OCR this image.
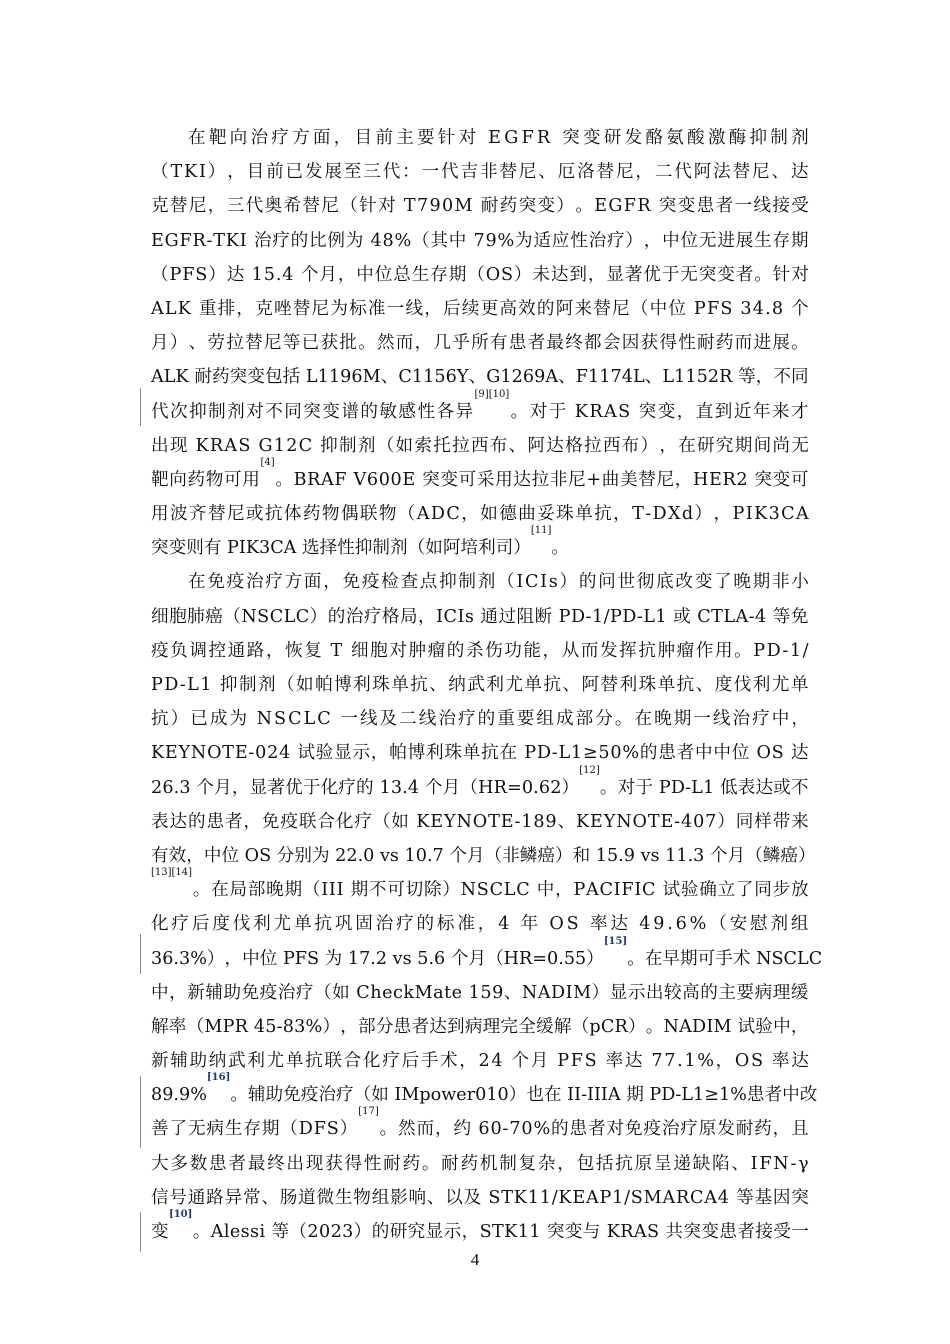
在 靶 向 治 疗 方 面 ， 目 前 主 要 针 对
E G F R
突 变 研 发 酪 氨 酸 激 酶 抑 制 剂
（ T K I ） ， 目 前 已 发 展 至 三 代 ： 一 代 吉 非 替 尼 、 厄 洛 替 尼 ， 二 代 阿 法 替 尼 、 达
克 替 尼 ， 三 代 奥 希 替 尼 （ 针 对
T 7 9 0 M
耐 药 突 变 ） 。 E G F R
突 变 患 者 一 线 接 受
E G F R - T K I
治 疗 的 比 例 为
4 8 % （ 其 中
7 9 % 为 适 应 性 治 疗 ） ， 中 位 无 进 展 生 存 期
（ P F S ） 达
1 5 . 4
个 月 ， 中 位 总 生 存 期 （ O S ） 未 达 到 ， 显 著 优 于 无 突 变 者 。 针 对
A L K
重 排 ， 克 唑 替 尼 为 标 准 一 线 ， 后 续 更 高 效 的 阿 来 替 尼 （ 中 位
P F S
3 4 . 8
个
月 ） 、 劳 拉 替 尼 等 已 获 批 。 然 而 ， 几 乎 所 有 患 者 最 终 都 会 因 获 得 性 耐 药 而 进 展 。
A L K
耐 药 突 变 包 括
L 1 1 9 6 M 、 C 1 1 5 6 Y 、 G 1 2 6 9 A 、 F 1 1 7 4 L 、 L 1 1 5 2 R
等 ， 不 同
代 次 抑 制 剂 对 不 同 突 变 谱 的 敏 感 性 各 异
[9][10]
。 对 于
K R A S
突 变 ， 直 到 近 年 来 才
出 现
K R A S
G 1 2 C
抑 制 剂 （ 如 索 托 拉 西 布 、 阿 达 格 拉 西 布 ） ， 在 研 究 期 间 尚 无
靶 向 药 物 可 用
[4]
。 B R A F
V 6 0 0 E
突 变 可 采 用 达 拉 非 尼 + 曲 美 替 尼 ， H E R 2
突 变 可
用 波 齐 替 尼 或 抗 体 药 物 偶 联 物 （ A D C ， 如 德 曲 妥 珠 单 抗 ， T - D X d ） ， P I K 3 C A
突 变 则 有
P I K 3 C A
选 择 性 抑 制 剂 （ 如 阿 培 利 司 ）
[11]
。
在 免 疫 治 疗 方 面 ， 免 疫 检 查 点 抑 制 剂 （ I C I s ） 的 问 世 彻 底 改 变 了 晚 期 非 小
细 胞 肺 癌 （ N S C L C ） 的 治 疗 格 局 ， I C I s
通 过 阻 断
P D - 1 / P D - L 1
或
C T L A - 4
等 免
疫 负 调 控 通 路 ， 恢 复
T
细 胞 对 肿 瘤 的 杀 伤 功 能 ， 从 而 发 挥 抗 肿 瘤 作 用 。 P D - 1 /
P D - L 1
抑 制 剂 （ 如 帕 博 利 珠 单 抗 、 纳 武 利 尤 单 抗 、 阿 替 利 珠 单 抗 、 度 伐 利 尤 单
抗 ） 已 成 为
N S C L C
一 线 及 二 线 治 疗 的 重 要 组 成 部 分 。 在 晚 期 一 线 治 疗 中 ，
K E Y N O T E - 0 2 4
试 验 显 示 ， 帕 博 利 珠 单 抗 在
P D - L 1 ≥ 5 0 % 的 患 者 中 中 位
O S
达
2 6 . 3
个 月 ， 显 著 优 于 化 疗 的
1 3 . 4
个 月 （ H R = 0 . 6 2 ）
[12]
。 对 于
P D - L 1
低 表 达 或 不
表 达 的 患 者 ， 免 疫 联 合 化 疗 （ 如
K E Y N O T E - 1 8 9 、 K E Y N O T E - 4 0 7 ） 同 样 带 来
有 效 ， 中 位
O S
分 别 为
2 2 . 0
v s
1 0 . 7
个 月 （ 非 鳞 癌 ） 和
1 5 . 9
v s
1 1 . 3
个 月 （ 鳞 癌 ）
[13][14]
。 在 局 部 晚 期 （ I I I
期 不 可 切 除 ） N S C L C
中 ， P A C I F I C
试 验 确 立 了 同 步 放
化 疗 后 度 伐 利 尤 单 抗 巩 固 治 疗 的 标 准 ， 4
年
O S
率 达
4 9 . 6 % （ 安 慰 剂 组
3 6 . 3 % ） ， 中 位
P F S
为
1 7 . 2
v s
5 . 6
个 月 （ H R = 0 . 5 5 ）
[15]
。 在 早 期 可 手 术
N S C L C
中 ， 新 辅 助 免 疫 治 疗 （ 如
C h e c k M a t e
1 5 9 、 N A D I M ） 显 示 出 较 高 的 主 要 病 理 缓
解 率 （ M P R
4 5 - 8 3 % ） ， 部 分 患 者 达 到 病 理 完 全 缓 解 （ p C R ） 。 N A D I M
试 验 中 ，
新 辅 助 纳 武 利 尤 单 抗 联 合 化 疗 后 手 术 ， 2 4
个 月
P F S
率 达
7 7 . 1 % ， O S
率 达
8 9 . 9 %
[16]
。 辅 助 免 疫 治 疗 （ 如
I M p o w e r 0 1 0 ） 也 在
I I - I I I A
期
P D - L 1 ≥ 1 % 患 者 中 改
善 了 无 病 生 存 期 （ D F S ）
[17]
。 然 而 ， 约
6 0 - 7 0 % 的 患 者 对 免 疫 治 疗 原 发 耐 药 ， 且
大 多 数 患 者 最 终 出 现 获 得 性 耐 药 。 耐 药 机 制 复 杂 ， 包 括 抗 原 呈 递 缺 陷 、 I F N - γ
信 号 通 路 异 常 、 肠 道 微 生 物 组 影 响 、 以 及
S T K 1 1 / K E A P 1 / S M A R C A 4
等 基 因 突
变
[10]
。 A l e s s i
等 （ 2 0 2 3 ） 的 研 究 显 示 ， S T K 1 1
突 变 与
K R A S
共 突 变 患 者 接 受 一
4
